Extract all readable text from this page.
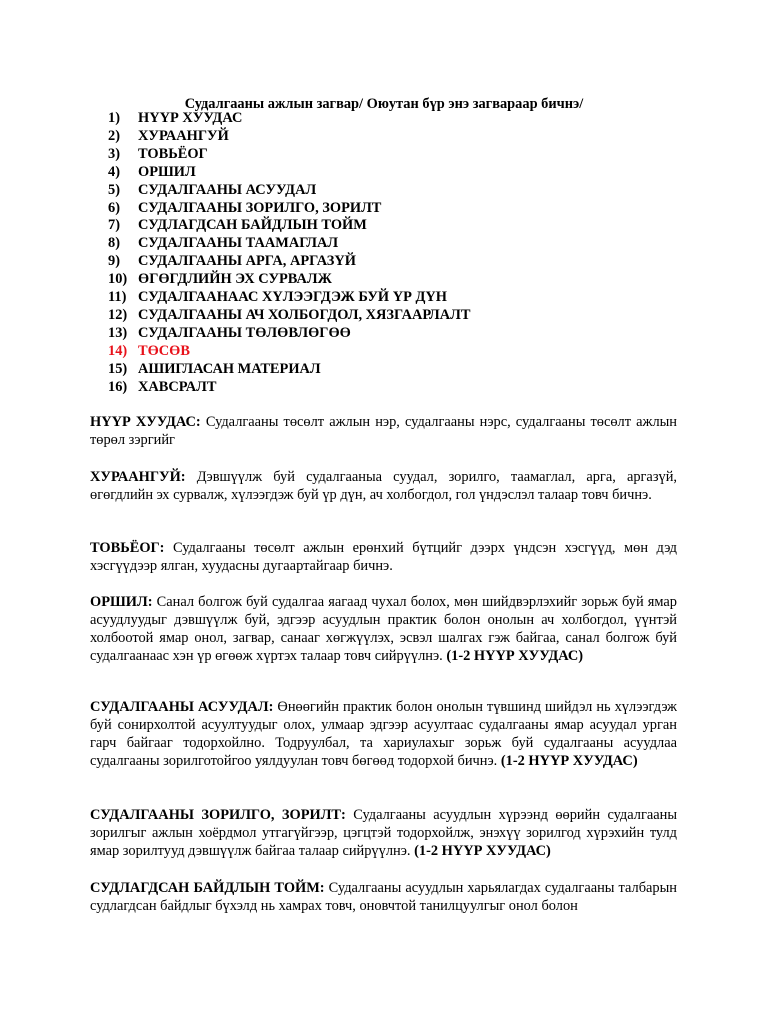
Судалгааны ажлын загвар/ Оюутан бүр энэ загвараар бичнэ/
1)	НҮҮР ХУУДАС
2)	ХУРААНГУЙ
3)	ТОВЬЁОГ
4)	ОРШИЛ
5)	СУДАЛГААНЫ АСУУДАЛ
6)	СУДАЛГААНЫ ЗОРИЛГО, ЗОРИЛТ
7)	СУДЛАГДСАН БАЙДЛЫН ТОЙМ
8)	СУДАЛГААНЫ ТААМАГЛАЛ
9)	СУДАЛГААНЫ АРГА, АРГАЗҮЙ
10) ӨГӨГДЛИЙН ЭХ СУРВАЛЖ
11) СУДАЛГААНААС ХҮЛЭЭГДЭЖ БУЙ ҮР ДҮН
12) СУДАЛГААНЫ АЧ ХОЛБОГДОЛ, ХЯЗГААРЛАЛТ
13) СУДАЛГААНЫ ТӨЛӨВЛӨГӨӨ
14) ТӨСӨВ
15) АШИГЛАСАН МАТЕРИАЛ
16) ХАВСРАЛТ

НҮҮР ХУУДАС: Судалгааны төсөлт ажлын нэр, судалгааны нэрс, судалгааны төсөлт ажлын төрөл зэргийг

ХУРААНГУЙ: Дэвшүүлж буй судалгааныа суудал, зорилго, таамаглал, арга, аргазүй, өгөгдлийн эх сурвалж, хүлээгдэж буй үр дүн, ач холбогдол, гол үндэслэл талаар товч бичнэ.

ТОВЬЁОГ: Судалгааны төсөлт ажлын ерөнхий бүтцийг дээрх үндсэн хэсгүүд, мөн дэд хэсгүүдээр ялган, хуудасны дугаартайгаар бичнэ.

ОРШИЛ: Санал болгож буй судалгаа яагаад чухал болох, мөн шийдвэрлэхийг зорьж буй ямар асуудлуудыг дэвшүүлж буй, эдгээр асуудлын практик болон онолын ач холбогдол, үүнтэй холбоотой ямар онол, загвар, санааг хөгжүүлэх, эсвэл шалгах гэж байгаа, санал болгож буй судалгаанаас хэн үр өгөөж хүртэх талаар товч сийрүүлнэ. (1-2 НҮҮР ХУУДАС)

СУДАЛГААНЫ АСУУДАЛ: Өнөөгийн практик болон онолын түвшинд шийдэл нь хүлээгдэж буй сонирхолтой асуултуудыг олох, улмаар эдгээр асуултаас судалгааны ямар асуудал урган гарч байгааг тодорхойлно. Тодруулбал, та хариулахыг зорьж буй судалгааны асуудлаа судалгааны зорилготойгоо уялдуулан товч бөгөөд тодорхой бичнэ. (1-2 НҮҮР ХУУДАС)

СУДАЛГААНЫ ЗОРИЛГО, ЗОРИЛТ: Судалгааны асуудлын хүрээнд өөрийн судалгааны зорилгыг ажлын хоёрдмол утгагүйгээр, цэгцтэй тодорхойлж, энэхүү зорилгод хүрэхийн тулд ямар зорилтууд дэвшүүлж байгаа талаар сийрүүлнэ. (1-2 НҮҮР ХУУДАС)

СУДЛАГДСАН БАЙДЛЫН ТОЙМ: Судалгааны асуудлын харьялагдах судалгааны талбарын судлагдсан байдлыг бүхэлд нь хамрах товч, оновчтой танилцуулгыг онол болон
